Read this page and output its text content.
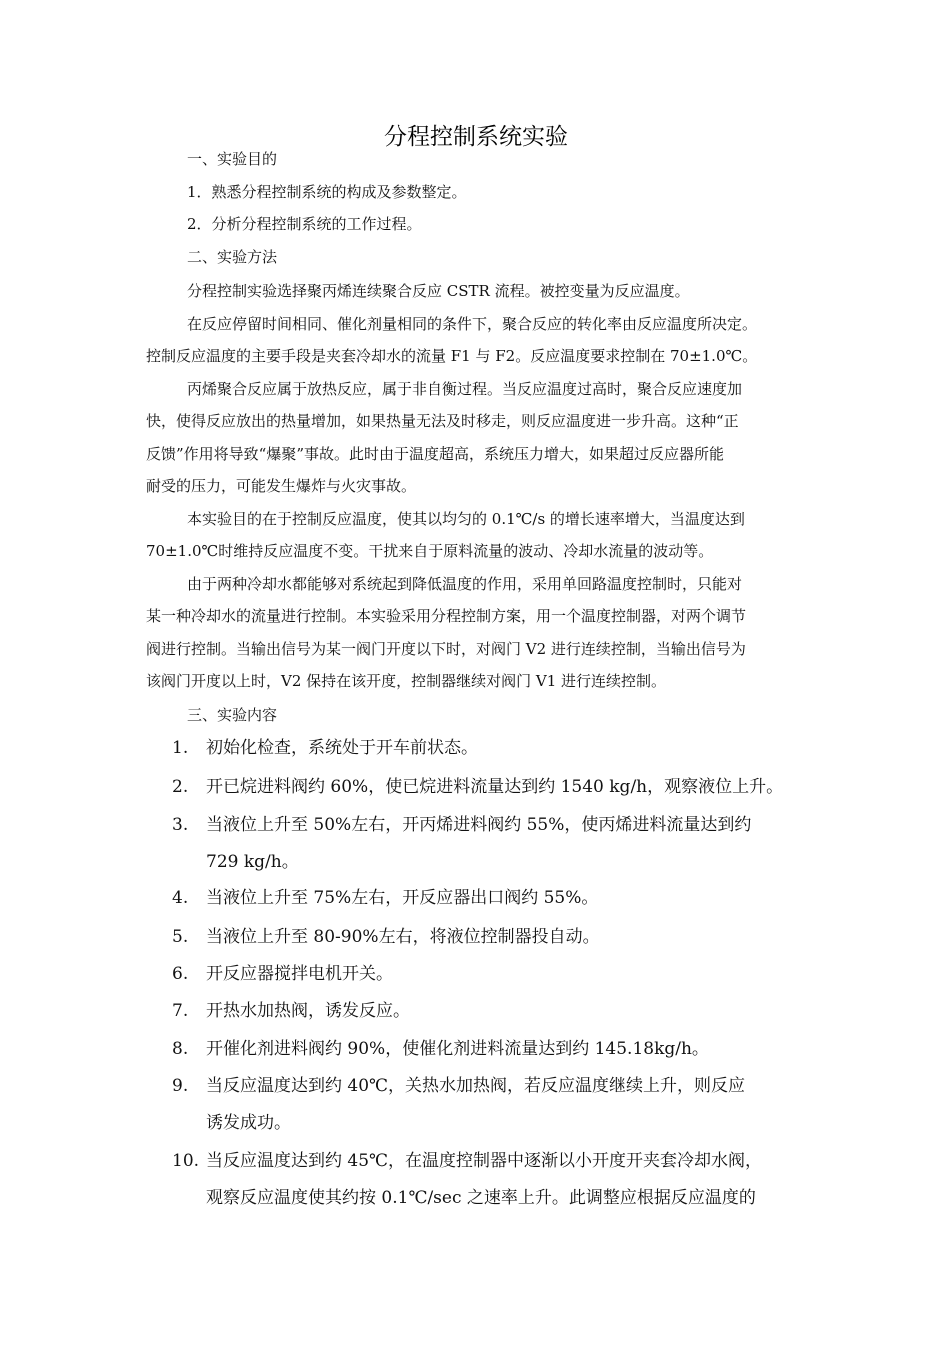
分程控制系统实验
一、实验目的
1．熟悉分程控制系统的构成及参数整定。
2．分析分程控制系统的工作过程。
二、实验方法
分程控制实验选择聚丙烯连续聚合反应 CSTR 流程。被控变量为反应温度。
在反应停留时间相同、催化剂量相同的条件下，聚合反应的转化率由反应温度所决定。
控制反应温度的主要手段是夹套冷却水的流量 F1 与 F2。反应温度要求控制在 70±1.0℃。
丙烯聚合反应属于放热反应，属于非自衡过程。当反应温度过高时，聚合反应速度加
快，使得反应放出的热量增加，如果热量无法及时移走，则反应温度进一步升高。这种“正
反馈”作用将导致“爆聚”事故。此时由于温度超高，系统压力增大，如果超过反应器所能
耐受的压力，可能发生爆炸与火灾事故。
本实验目的在于控制反应温度，使其以均匀的 0.1℃/s 的增长速率增大，当温度达到
70±1.0℃时维持反应温度不变。干扰来自于原料流量的波动、冷却水流量的波动等。
由于两种冷却水都能够对系统起到降低温度的作用，采用单回路温度控制时，只能对
某一种冷却水的流量进行控制。本实验采用分程控制方案，用一个温度控制器，对两个调节
阀进行控制。当输出信号为某一阀门开度以下时，对阀门 V2 进行连续控制，当输出信号为
该阀门开度以上时，V2 保持在该开度，控制器继续对阀门 V1 进行连续控制。
三、实验内容
1. 初始化检查，系统处于开车前状态。
2. 开已烷进料阀约 60%，使已烷进料流量达到约 1540 kg/h，观察液位上升。
3. 当液位上升至 50%左右，开丙烯进料阀约 55%，使丙烯进料流量达到约
729 kg/h。
4. 当液位上升至 75%左右，开反应器出口阀约 55%。
5. 当液位上升至 80-90%左右，将液位控制器投自动。
6. 开反应器搅拌电机开关。
7. 开热水加热阀，诱发反应。
8. 开催化剂进料阀约 90%，使催化剂进料流量达到约 145.18kg/h。
9. 当反应温度达到约 40℃，关热水加热阀，若反应温度继续上升，则反应
诱发成功。
10. 当反应温度达到约 45℃，在温度控制器中逐渐以小开度开夹套冷却水阀，
观察反应温度使其约按 0.1℃/sec 之速率上升。此调整应根据反应温度的
